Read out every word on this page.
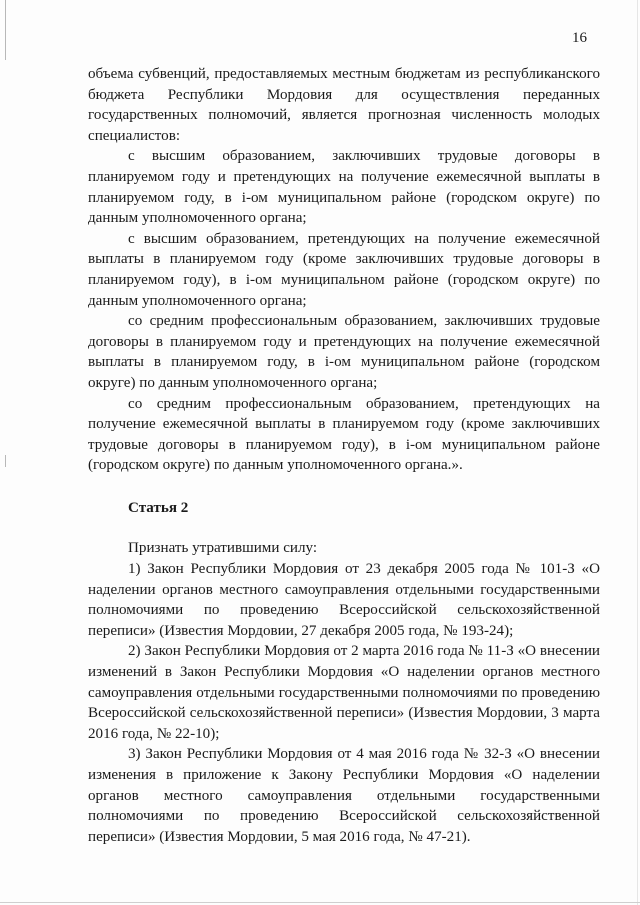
16

объема субвенций, предоставляемых местным бюджетам из республиканского бюджета Республики Мордовия для осуществления переданных государственных полномочий, является прогнозная численность молодых специалистов:

с высшим образованием, заключивших трудовые договоры в планируемом году и претендующих на получение ежемесячной выплаты в планируемом году, в i-ом муниципальном районе (городском округе) по данным уполномоченного органа;

с высшим образованием, претендующих на получение ежемесячной выплаты в планируемом году (кроме заключивших трудовые договоры в планируемом году), в i-ом муниципальном районе (городском округе) по данным уполномоченного органа;

со средним профессиональным образованием, заключивших трудовые договоры в планируемом году и претендующих на получение ежемесячной выплаты в планируемом году, в i-ом муниципальном районе (городском округе) по данным уполномоченного органа;

со средним профессиональным образованием, претендующих на получение ежемесячной выплаты в планируемом году (кроме заключивших трудовые договоры в планируемом году), в i-ом муниципальном районе (городском округе) по данным уполномоченного органа.».

Статья 2

Признать утратившими силу:

1) Закон Республики Мордовия от 23 декабря 2005 года № 101-З «О наделении органов местного самоуправления отдельными государственными полномочиями по проведению Всероссийской сельскохозяйственной переписи» (Известия Мордовии, 27 декабря 2005 года, № 193-24);

2) Закон Республики Мордовия от 2 марта 2016 года № 11-З «О внесении изменений в Закон Республики Мордовия «О наделении органов местного самоуправления отдельными государственными полномочиями по проведению Всероссийской сельскохозяйственной переписи» (Известия Мордовии, 3 марта 2016 года, № 22-10);

3) Закон Республики Мордовия от 4 мая 2016 года № 32-З «О внесении изменения в приложение к Закону Республики Мордовия «О наделении органов местного самоуправления отдельными государственными полномочиями по проведению Всероссийской сельскохозяйственной переписи» (Известия Мордовии, 5 мая 2016 года, № 47-21).
